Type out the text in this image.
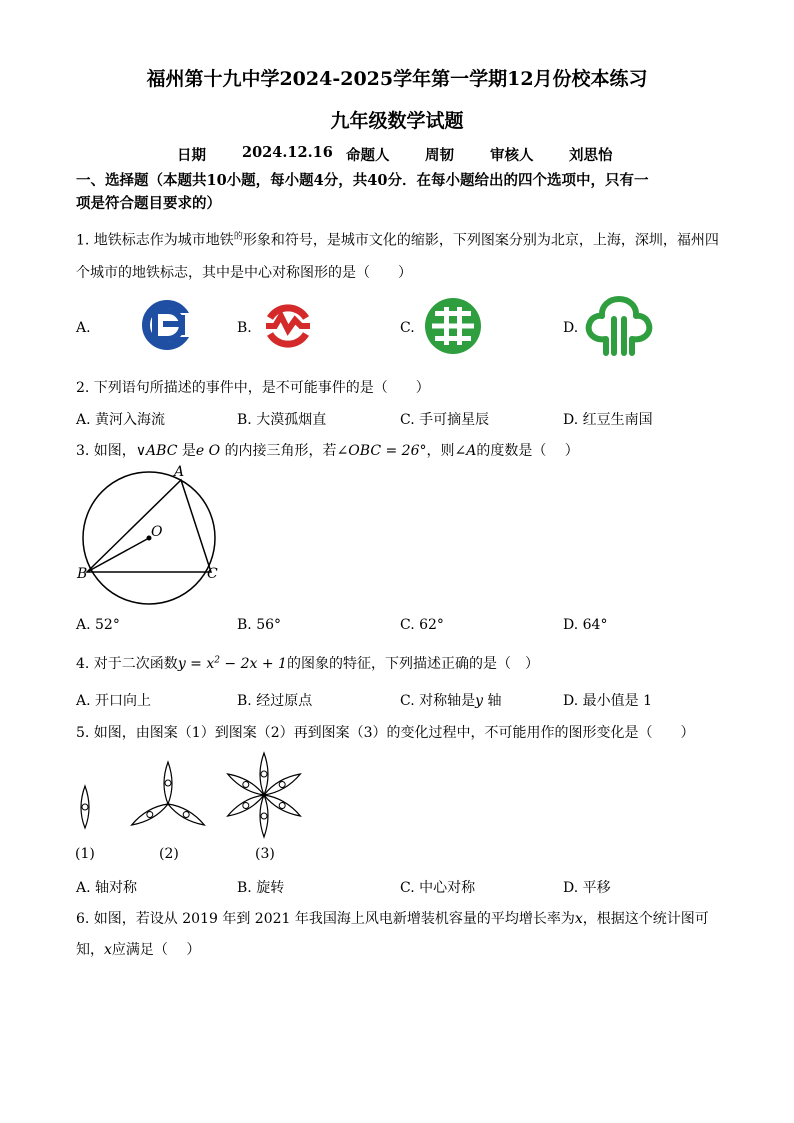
福州第十九中学2024-2025学年第一学期12月份校本练习
九年级数学试题
日期 2024.12.16 命题人 周韧 审核人 刘思怡
一、选择题（本题共10小题，每小题4分，共40分．在每小题给出的四个选项中，只有一
项是符合题目要求的）
1. 地铁标志作为城市地铁$^的$形象和符号，是城市文化的缩影，下列图案分别为北京，上海，深圳，福州四
个城市的地铁标志，其中是中心对称图形的是（　　）
A.	B.	C.	D.
2. 下列语句所描述的事件中，是不可能事件的是（　　）
A. 黄河入海流	B. 大漠孤烟直	C. 手可摘星辰	D. 红豆生南国
3. 如图，∨ABC 是e O 的内接三角形，若∠OBC = 26°，则∠A的度数是（　 ）
A
B	C
O
A. 52°	B. 56°	C. 62°	D. 64°
4. 对于二次函数$y = x^2 - 2x + 1$的图象的特征，下列描述正确的是（　）
A. 开口向上	B. 经过原点	C. 对称轴是y 轴	D. 最小值是 1
5. 如图，由图案（1）到图案（2）再到图案（3）的变化过程中，不可能用作的图形变化是（　　）
(1)	(2)	(3)
A. 轴对称	B. 旋转	C. 中心对称	D. 平移
6. 如图，若设从 2019 年到 2021 年我国海上风电新增装机容量的平均增长率为x，根据这个统计图可
知，x应满足（　 ）
